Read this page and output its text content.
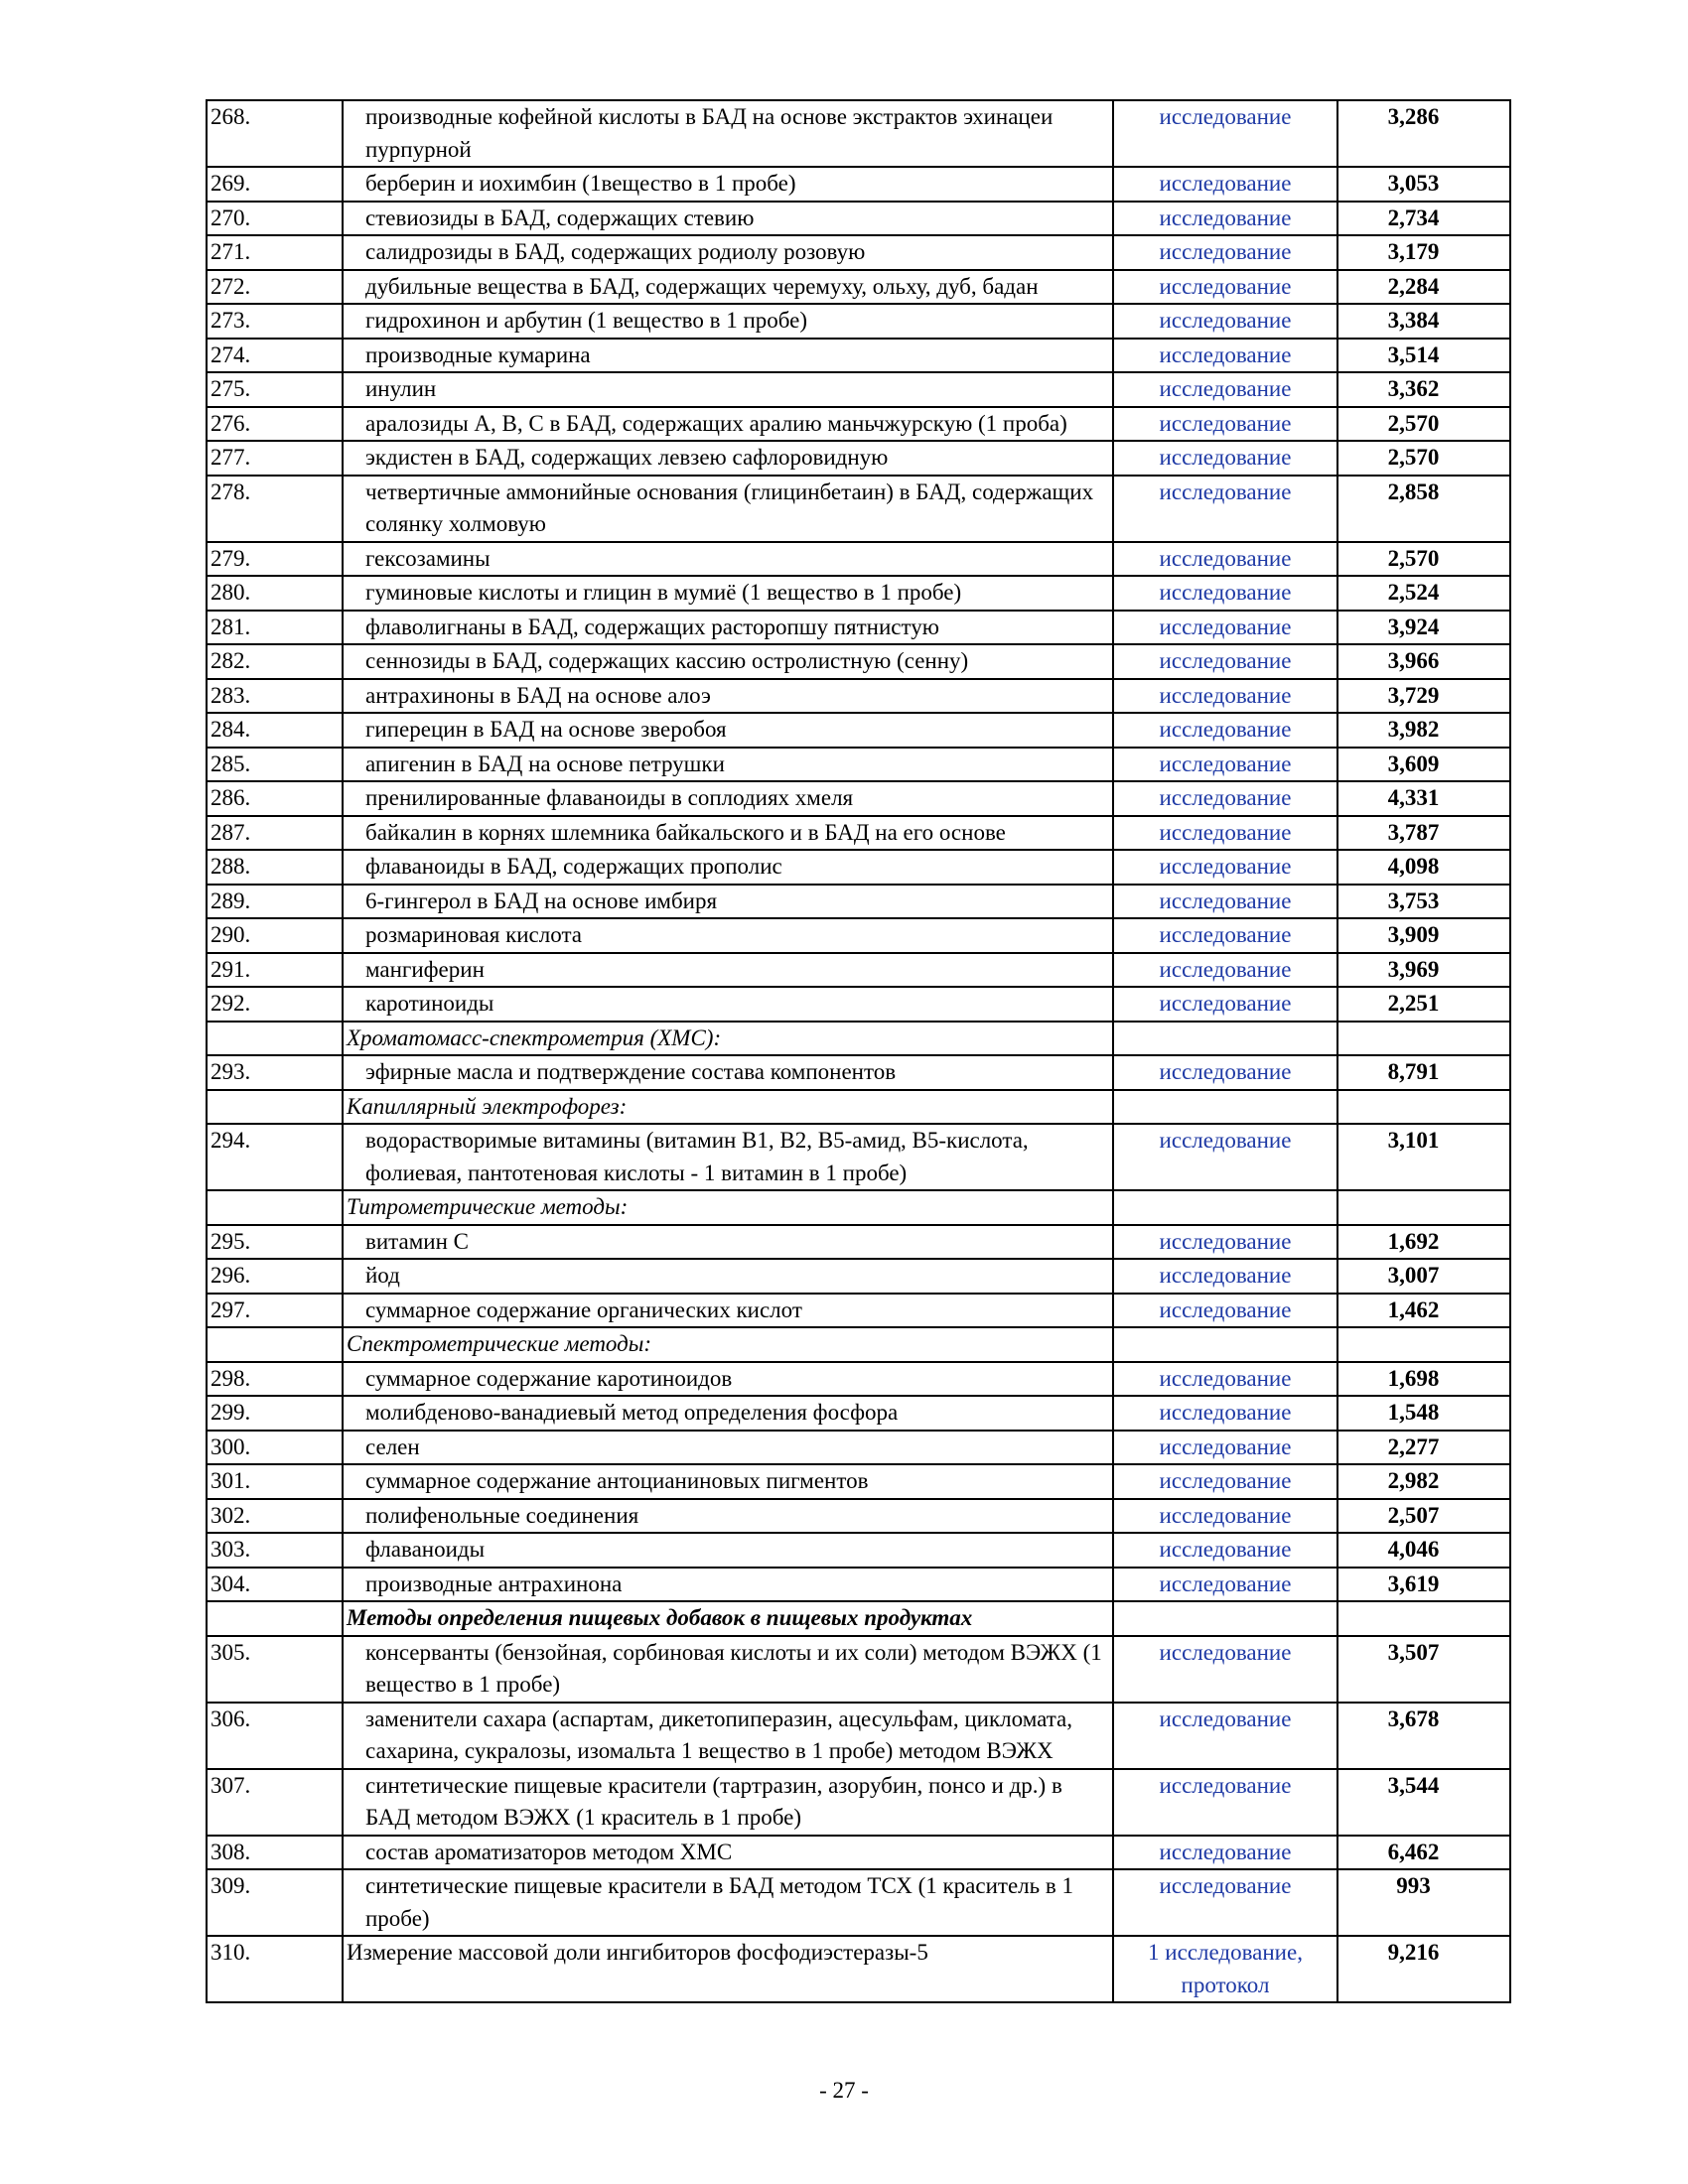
268.	производные кофейной кислоты в БАД на основе экстрактов эхинацеи пурпурной	исследование	3,286
269.	берберин и иохимбин (1вещество в 1 пробе)	исследование	3,053
270.	стевиозиды в БАД, содержащих стевию	исследование	2,734
271.	салидрозиды в БАД, содержащих родиолу розовую	исследование	3,179
272.	дубильные вещества в БАД, содержащих черемуху, ольху, дуб, бадан	исследование	2,284
273.	гидрохинон и арбутин (1 вещество в 1 пробе)	исследование	3,384
274.	производные кумарина	исследование	3,514
275.	инулин	исследование	3,362
276.	аралозиды А, В, С в БАД, содержащих аралию маньчжурскую (1 проба)	исследование	2,570
277.	экдистен в БАД, содержащих левзею сафлоровидную	исследование	2,570
278.	четвертичные аммонийные основания (глицинбетаин) в БАД, содержащих солянку холмовую	исследование	2,858
279.	гексозамины	исследование	2,570
280.	гуминовые кислоты и глицин в мумиё (1 вещество в 1 пробе)	исследование	2,524
281.	флаволигнаны в БАД, содержащих расторопшу пятнистую	исследование	3,924
282.	сеннозиды в БАД, содержащих кассию остролистную (сенну)	исследование	3,966
283.	антрахиноны в БАД на основе алоэ	исследование	3,729
284.	гиперецин в БАД на основе зверобоя	исследование	3,982
285.	апигенин в БАД на основе петрушки	исследование	3,609
286.	пренилированные флаваноиды в соплодиях хмеля	исследование	4,331
287.	байкалин в корнях шлемника байкальского и в БАД на его основе	исследование	3,787
288.	флаваноиды в БАД, содержащих прополис	исследование	4,098
289.	6-гингерол в БАД на основе имбиря	исследование	3,753
290.	розмариновая кислота	исследование	3,909
291.	мангиферин	исследование	3,969
292.	каротиноиды	исследование	2,251
	Хроматомасс-спектрометрия (ХМС):		
293.	эфирные масла и подтверждение состава компонентов	исследование	8,791
	Капиллярный электрофорез:		
294.	водорастворимые витамины (витамин В1, В2, В5-амид, В5-кислота, фолиевая, пантотеновая кислоты - 1 витамин в 1 пробе)	исследование	3,101
	Титрометрические методы:		
295.	витамин С	исследование	1,692
296.	йод	исследование	3,007
297.	суммарное содержание органических кислот	исследование	1,462
	Спектрометрические методы:		
298.	суммарное содержание каротиноидов	исследование	1,698
299.	молибденово-ванадиевый метод определения фосфора	исследование	1,548
300.	селен	исследование	2,277
301.	суммарное содержание антоцианиновых пигментов	исследование	2,982
302.	полифенольные соединения	исследование	2,507
303.	флаваноиды	исследование	4,046
304.	производные антрахинона	исследование	3,619
	Методы определения пищевых добавок в пищевых продуктах		
305.	консерванты (бензойная, сорбиновая кислоты и их соли) методом ВЭЖХ (1 вещество в 1 пробе)	исследование	3,507
306.	заменители сахара (аспартам, дикетопиперазин, ацесульфам, цикломата, сахарина, сукралозы, изомальта 1 вещество в 1 пробе) методом ВЭЖХ	исследование	3,678
307.	синтетические пищевые красители (тартразин, азорубин, понсо и др.) в БАД методом ВЭЖХ (1 краситель в 1 пробе)	исследование	3,544
308.	состав ароматизаторов методом ХМС	исследование	6,462
309.	синтетические пищевые красители в БАД методом ТСХ (1 краситель в 1 пробе)	исследование	993
310.	Измерение массовой доли ингибиторов фосфодиэстеразы-5	1 исследование, протокол	9,216
- 27 -
